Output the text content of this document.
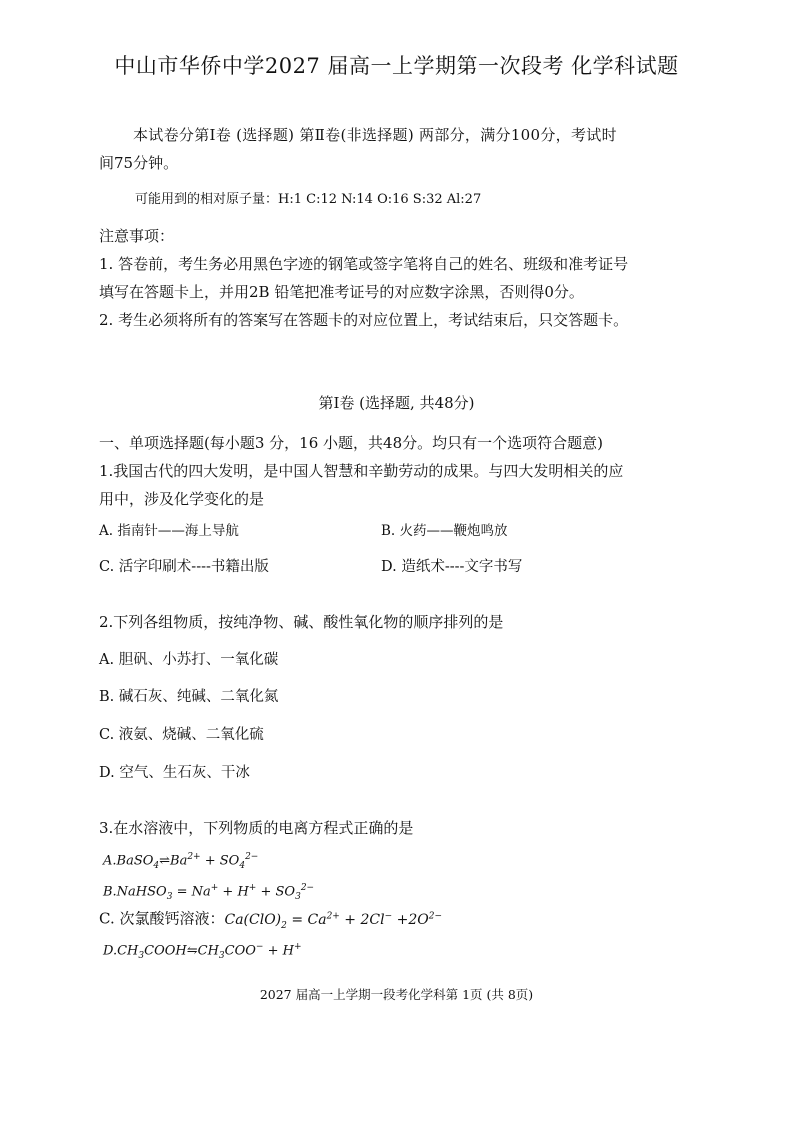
中山市华侨中学2027 届高一上学期第一次段考 化学科试题
本试卷分第Ⅰ卷 (选择题) 第Ⅱ卷(非选择题) 两部分，满分100分，考试时
间75分钟。
可能用到的相对原子量：H:1 C:12 N:14 O:16 S:32 Al:27
注意事项：
1. 答卷前，考生务必用黑色字迹的钢笔或签字笔将自己的姓名、班级和准考证号
填写在答题卡上，并用2B 铅笔把准考证号的对应数字涂黑，否则得0分。
2. 考生必须将所有的答案写在答题卡的对应位置上，考试结束后，只交答题卡。
第Ⅰ卷 (选择题, 共48分)
一、单项选择题(每小题3 分，16 小题，共48分。均只有一个选项符合题意)
1.我国古代的四大发明，是中国人智慧和辛勤劳动的成果。与四大发明相关的应
用中，涉及化学变化的是
A. 指南针——海上导航	B. 火药——鞭炮鸣放
C. 活字印刷术----书籍出版	D. 造纸术----文字书写
2.下列各组物质，按纯净物、碱、酸性氧化物的顺序排列的是
A. 胆矾、小苏打、一氧化碳
B. 碱石灰、纯碱、二氧化氮
C. 液氨、烧碱、二氧化硫
D. 空气、生石灰、干冰
3.在水溶液中，下列物质的电离方程式正确的是
$A.BaSO_4\rightleftharpoons Ba^{2+} + SO_4^{2-}$
B.NaHSO$_3$ = $Na^+ + H^+ + SO_3^{2-}$
C. 次氯酸钙溶液：$Ca(ClO)_2 = Ca^{2+} + 2Cl^- +2O^{2-}$
$D.CH_3COOH⇋CH_3COO^- + H^+$
2027 届高一上学期一段考化学科第 1页 (共 8页)
